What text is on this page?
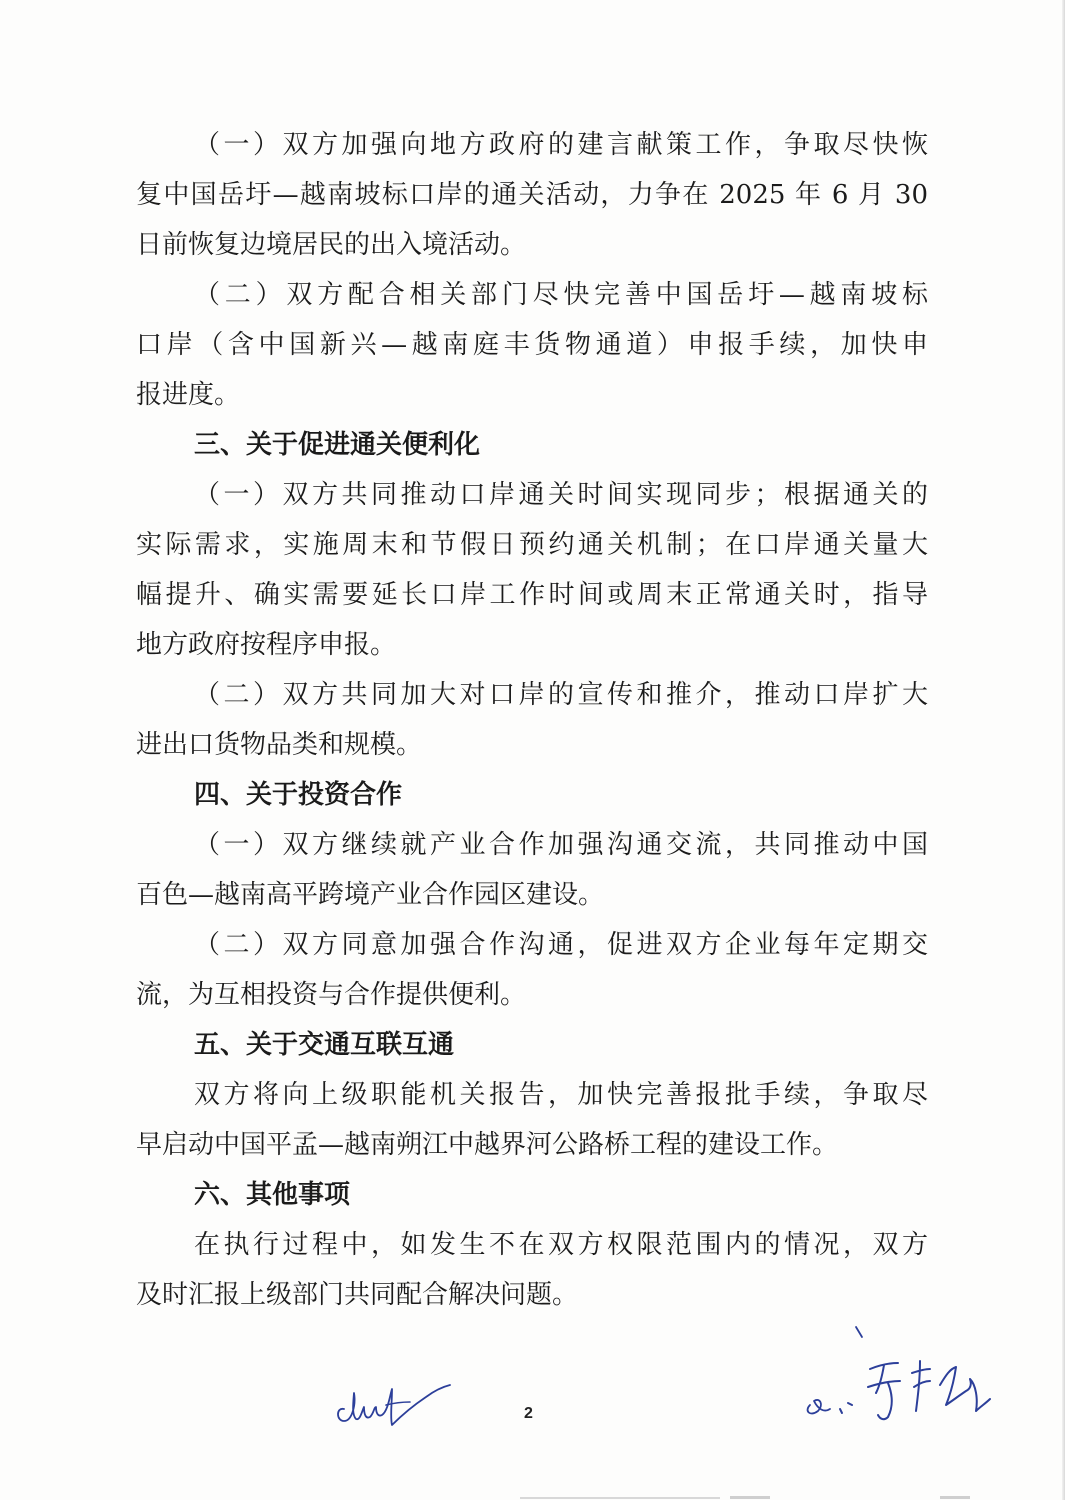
（一）双方加强向地方政府的建言献策工作，争取尽快恢
复中国岳圩—越南坡标口岸的通关活动，力争在 2025 年 6 月 30
日前恢复边境居民的出入境活动。
（二）双方配合相关部门尽快完善中国岳圩—越南坡标
口岸（含中国新兴—越南庭丰货物通道）申报手续，加快申
报进度。
三、关于促进通关便利化
（一）双方共同推动口岸通关时间实现同步；根据通关的
实际需求，实施周末和节假日预约通关机制；在口岸通关量大
幅提升、确实需要延长口岸工作时间或周末正常通关时，指导
地方政府按程序申报。
（二）双方共同加大对口岸的宣传和推介，推动口岸扩大
进出口货物品类和规模。
四、关于投资合作
（一）双方继续就产业合作加强沟通交流，共同推动中国
百色—越南高平跨境产业合作园区建设。
（二）双方同意加强合作沟通，促进双方企业每年定期交
流，为互相投资与合作提供便利。
五、关于交通互联互通
双方将向上级职能机关报告，加快完善报批手续，争取尽
早启动中国平孟—越南朔江中越界河公路桥工程的建设工作。
六、其他事项
在执行过程中，如发生不在双方权限范围内的情况，双方
及时汇报上级部门共同配合解决问题。
2
